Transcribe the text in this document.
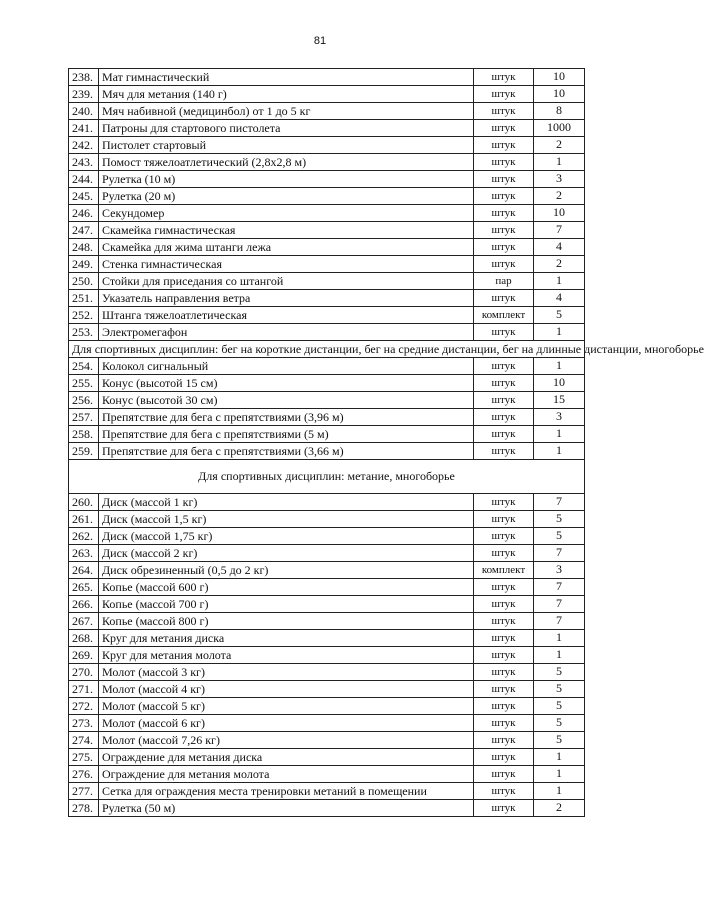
81
238.	Мат гимнастический	штук	10
239.	Мяч для метания (140 г)	штук	10
240.	Мяч набивной (медицинбол) от 1 до 5 кг	штук	8
241.	Патроны для стартового пистолета	штук	1000
242.	Пистолет стартовый	штук	2
243.	Помост тяжелоатлетический (2,8х2,8 м)	штук	1
244.	Рулетка (10 м)	штук	3
245.	Рулетка (20 м)	штук	2
246.	Секундомер	штук	10
247.	Скамейка гимнастическая	штук	7
248.	Скамейка для жима штанги лежа	штук	4
249.	Стенка гимнастическая	штук	2
250.	Стойки для приседания со штангой	пар	1
251.	Указатель направления ветра	штук	4
252.	Штанга тяжелоатлетическая	комплект	5
253.	Электромегафон	штук	1
Для спортивных дисциплин: бег на короткие дистанции, бег на средние дистанции, бег на длинные дистанции, многоборье			
254.	Колокол сигнальный	штук	1
255.	Конус (высотой 15 см)	штук	10
256.	Конус (высотой 30 см)	штук	15
257.	Препятствие для бега с препятствиями (3,96 м)	штук	3
258.	Препятствие для бега с препятствиями (5 м)	штук	1
259.	Препятствие для бега с препятствиями (3,66 м)	штук	1
Для спортивных дисциплин: метание, многоборье			
260.	Диск (массой 1 кг)	штук	7
261.	Диск (массой 1,5 кг)	штук	5
262.	Диск (массой 1,75 кг)	штук	5
263.	Диск (массой 2 кг)	штук	7
264.	Диск обрезиненный (0,5 до 2 кг)	комплект	3
265.	Копье (массой 600 г)	штук	7
266.	Копье (массой 700 г)	штук	7
267.	Копье (массой 800 г)	штук	7
268.	Круг для метания диска	штук	1
269.	Круг для метания молота	штук	1
270.	Молот (массой 3 кг)	штук	5
271.	Молот (массой 4 кг)	штук	5
272.	Молот (массой 5 кг)	штук	5
273.	Молот (массой 6 кг)	штук	5
274.	Молот (массой 7,26 кг)	штук	5
275.	Ограждение для метания диска	штук	1
276.	Ограждение для метания молота	штук	1
277.	Сетка для ограждения места тренировки метаний в помещении	штук	1
278.	Рулетка (50 м)	штук	2
